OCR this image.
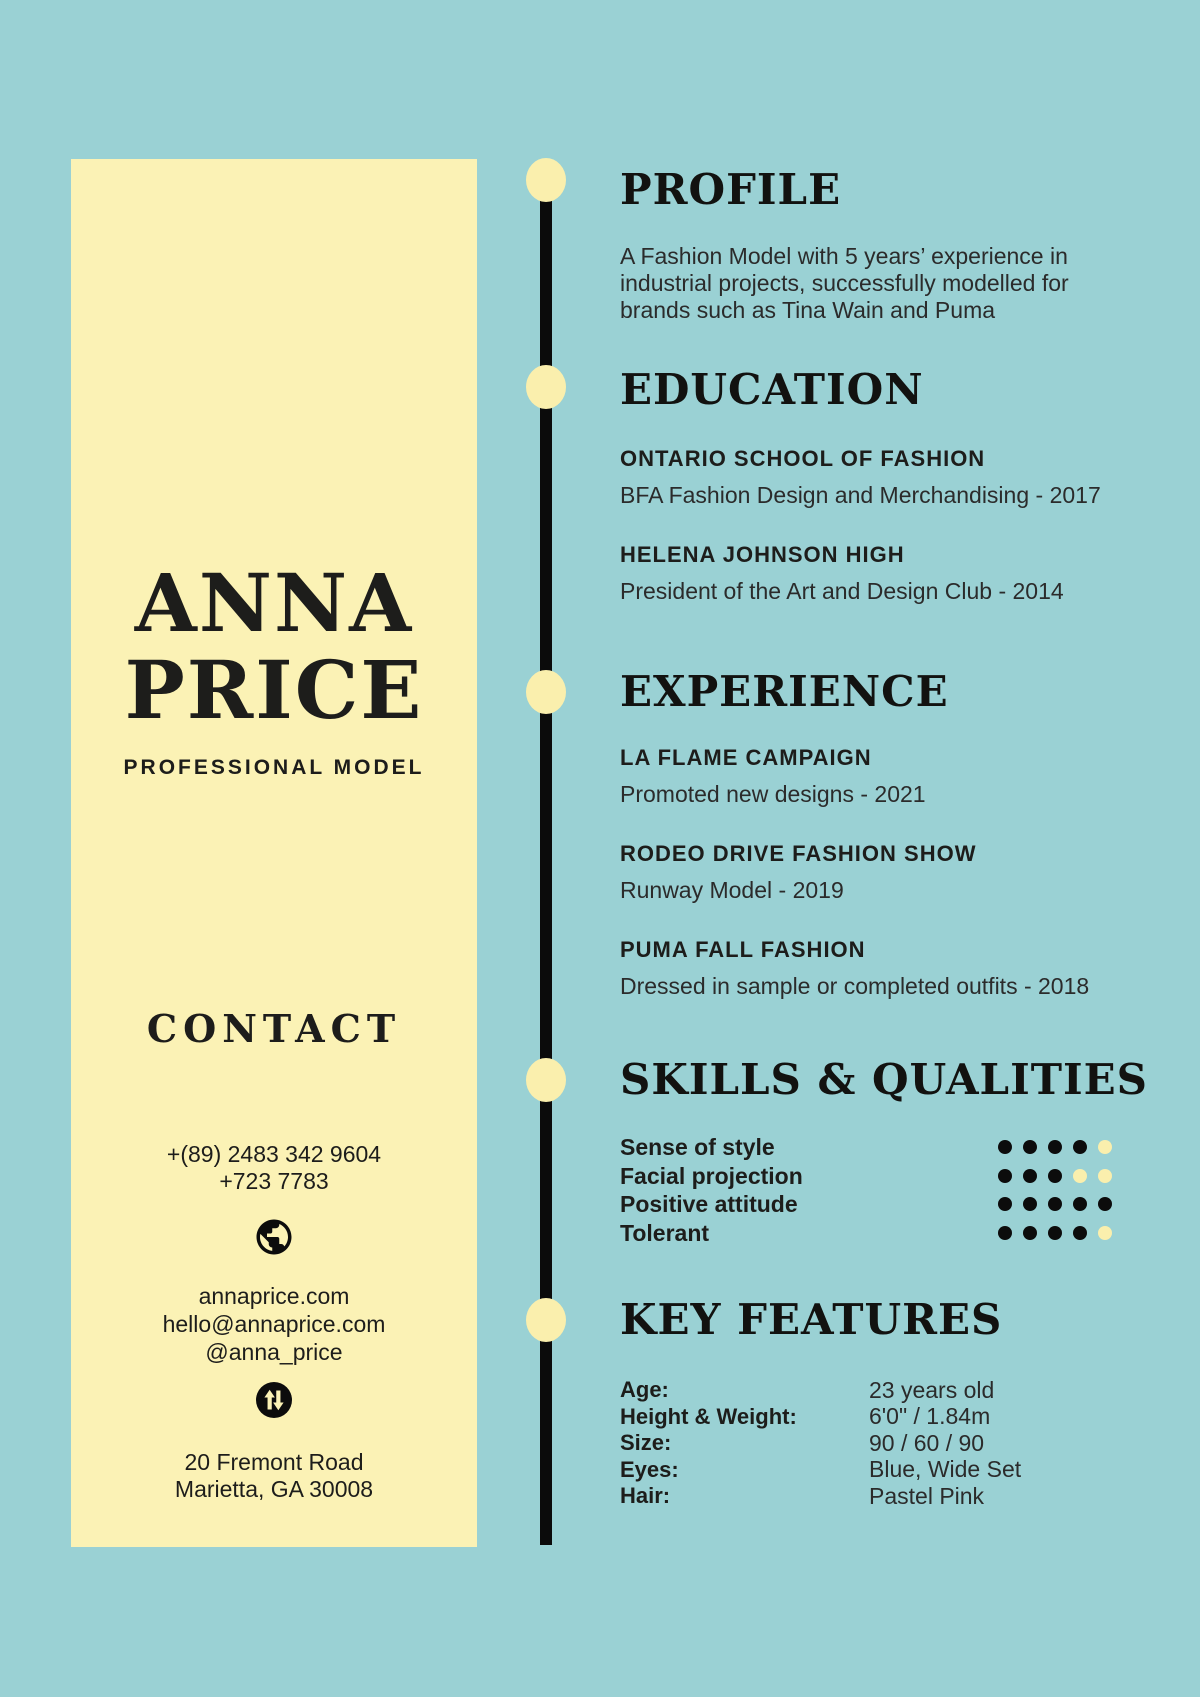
ANNA
PRICE
PROFESSIONAL MODEL
CONTACT
+(89) 2483 342 9604
+723 7783
annaprice.com
hello@annaprice.com
@anna_price
20 Fremont Road
Marietta, GA 30008
PROFILE
A Fashion Model with 5 years’ experience in
industrial projects, successfully modelled for
brands such as Tina Wain and Puma
EDUCATION
ONTARIO SCHOOL OF FASHION
BFA Fashion Design and Merchandising - 2017
HELENA JOHNSON HIGH
President of the Art and Design Club - 2014
EXPERIENCE
LA FLAME CAMPAIGN
Promoted new designs - 2021
RODEO DRIVE FASHION SHOW
Runway Model - 2019
PUMA FALL FASHION
Dressed in sample or completed outfits - 2018
SKILLS & QUALITIES
Sense of style
Facial projection
Positive attitude
Tolerant
KEY FEATURES
Age:	23 years old
Height & Weight:	6'0" / 1.84m
Size:	90 / 60 / 90
Eyes:	Blue, Wide Set
Hair:	Pastel Pink
